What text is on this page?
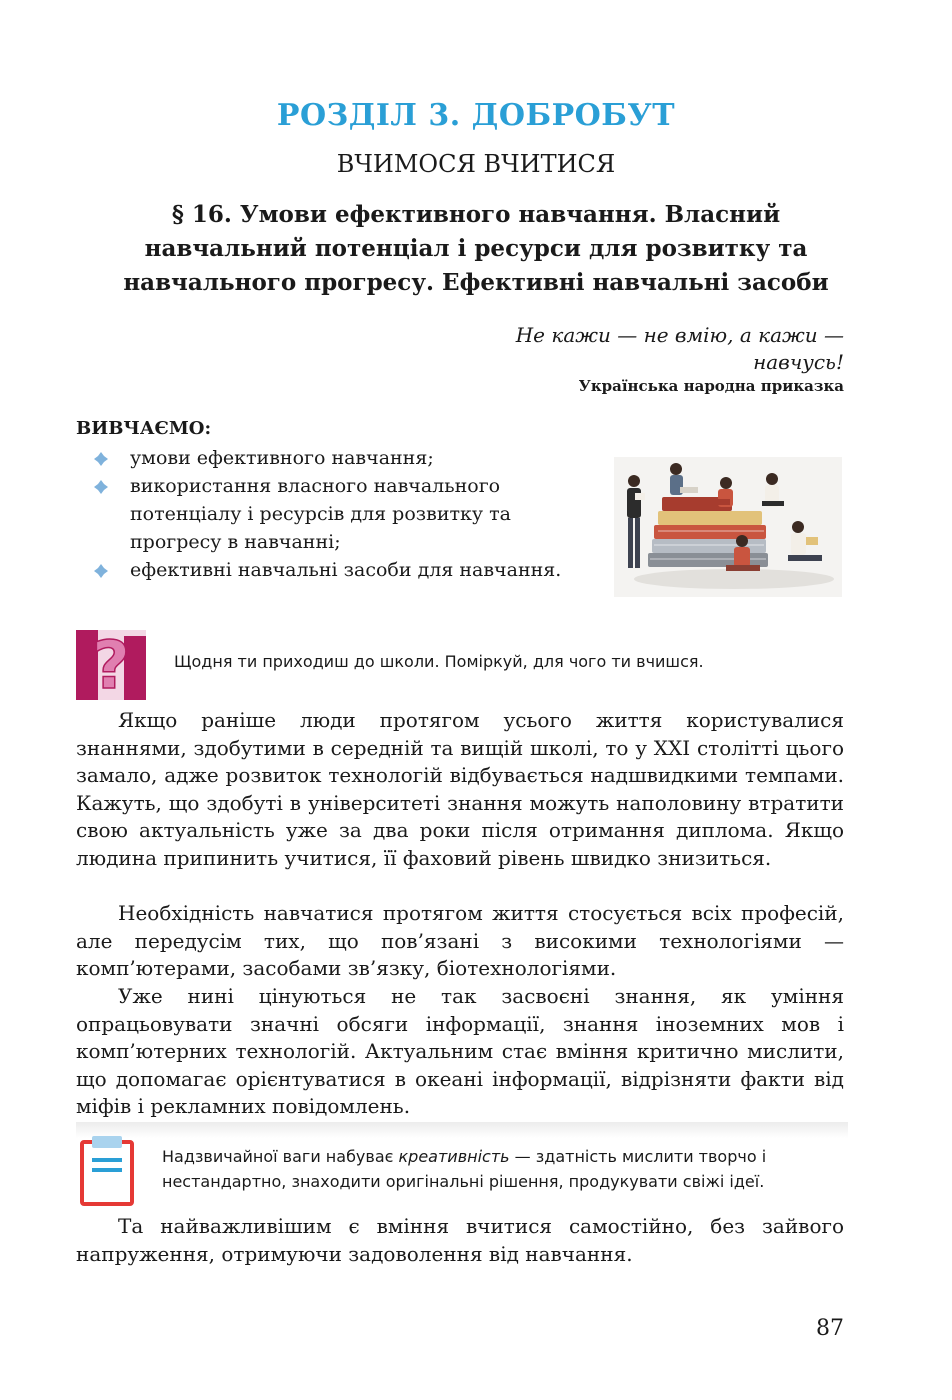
РОЗДІЛ 3. ДОБРОБУТ
ВЧИМОСЯ ВЧИТИСЯ
§ 16. Умови ефективного навчання. Власний навчальний потенціал і ресурси для розвитку та навчального прогресу. Ефективні навчальні засоби
Не кажи — не вмію, а кажи —
навчусь!
Українська народна приказка
ВИВЧАЄМО:
умови ефективного навчання;
використання власного навчального потенціалу і ресурсів для розвитку та прогресу в навчанні;
ефективні навчальні засоби для навчання.
?	Щодня ти приходиш до школи. Поміркуй, для чого ти вчишся.

Якщо раніше люди протягом усього життя користувалися знаннями, здобутими в середній та вищій школі, то у XXI столітті цього замало, адже розвиток технологій відбувається надшвидкими темпами. Кажуть, що здобуті в університеті знання можуть наполовину втратити свою актуальність уже за два роки після отримання диплома. Якщо людина припинить учитися, її фаховий рівень швидко знизиться.

Необхідність навчатися протягом життя стосується всіх професій, але передусім тих, що пов’язані з високими технологіями — комп’ютерами, засобами зв’язку, біотехнологіями.

Уже нині цінуються не так засвоєні знання, як уміння опрацьовувати значні обсяги інформації, знання іноземних мов і комп’ютерних технологій. Актуальним стає вміння критично мислити, що допомагає орієнтуватися в океані інформації, відрізняти факти від міфів і рекламних повідомлень.

Надзвичайної ваги набуває креативність — здатність мислити творчо і нестандартно, знаходити оригінальні рішення, продукувати свіжі ідеї.

Та найважливішим є вміння вчитися самостійно, без зайвого напруження, отримуючи задоволення від навчання.

87
